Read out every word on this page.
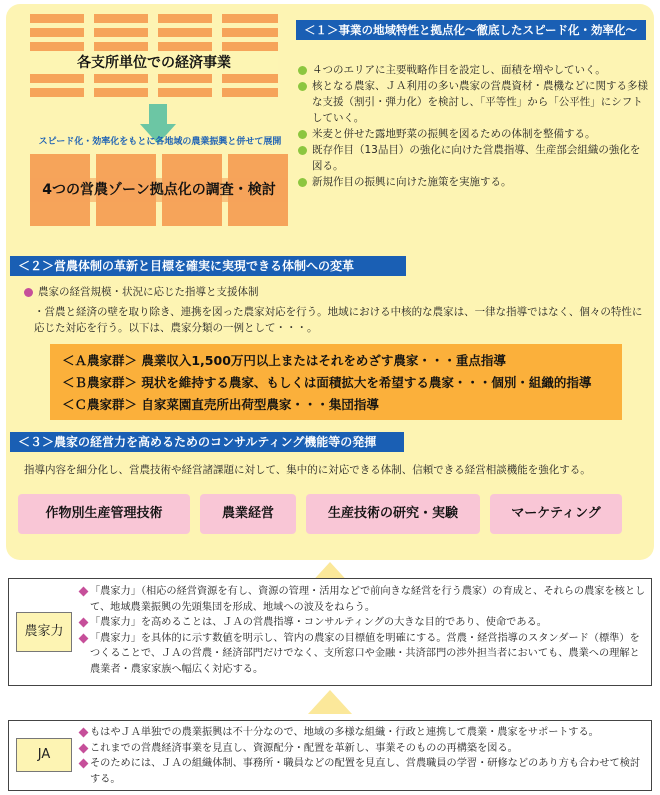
各支所単位での経済事業
スピード化・効率化をもとに各地域の農業振興と併せて展開
4つの営農ゾーン拠点化の調査・検討
＜１＞事業の地域特性と拠点化～徹底したスピード化・効率化～
４つのエリアに主要戦略作目を設定し、面積を増やしていく。
核となる農家、ＪＡ利用の多い農家の営農資材・農機などに関する多様な支援（割引・弾力化）を検討し、「平等性」から「公平性」にシフトしていく。
米麦と併せた露地野菜の振興を図るための体制を整備する。
既存作目（13品目）の強化に向けた営農指導、生産部会組織の強化を図る。
新規作目の振興に向けた施策を実施する。
＜２＞営農体制の革新と目標を確実に実現できる体制への変革
農家の経営規模・状況に応じた指導と支援体制
・営農と経済の壁を取り除き、連携を図った農家対応を行う。地域における中核的な農家は、一律な指導ではなく、個々の特性に応じた対応を行う。以下は、農家分類の一例として・・・。

＜Ａ農家群＞ 農業収入1,500万円以上またはそれをめざす農家・・・重点指導

＜Ｂ農家群＞ 現状を維持する農家、もしくは面積拡大を希望する農家・・・個別・組織的指導

＜Ｃ農家群＞ 自家菜園直売所出荷型農家・・・集団指導

＜３＞農家の経営力を高めるためのコンサルティング機能等の発揮
指導内容を細分化し、営農技術や経営諸課題に対して、集中的に対応できる体制、信頼できる経営相談機能を強化する。
作物別生産管理技術	農業経営	生産技術の研究・実験	マーケティング
農家力
「農家力」（相応の経営資源を有し、資源の管理・活用などで前向きな経営を行う農家）の育成と、それらの農家を核として、地域農業振興の先頭集団を形成、地域への波及をねらう。
「農家力」を高めることは、ＪＡの営農指導・コンサルティングの大きな目的であり、使命である。
「農家力」を具体的に示す数値を明示し、管内の農家の目標値を明確にする。営農・経営指導のスタンダード（標準）をつくることで、ＪＡの営農・経済部門だけでなく、支所窓口や金融・共済部門の渉外担当者においても、農業への理解と農業者・農家家族へ幅広く対応する。
JA
もはやＪＡ単独での農業振興は不十分なので、地域の多様な組織・行政と連携して農業・農家をサポートする。
これまでの営農経済事業を見直し、資源配分・配置を革新し、事業そのものの再構築を図る。
そのためには、ＪＡの組織体制、事務所・職員などの配置を見直し、営農職員の学習・研修などのあり方も合わせて検討する。
